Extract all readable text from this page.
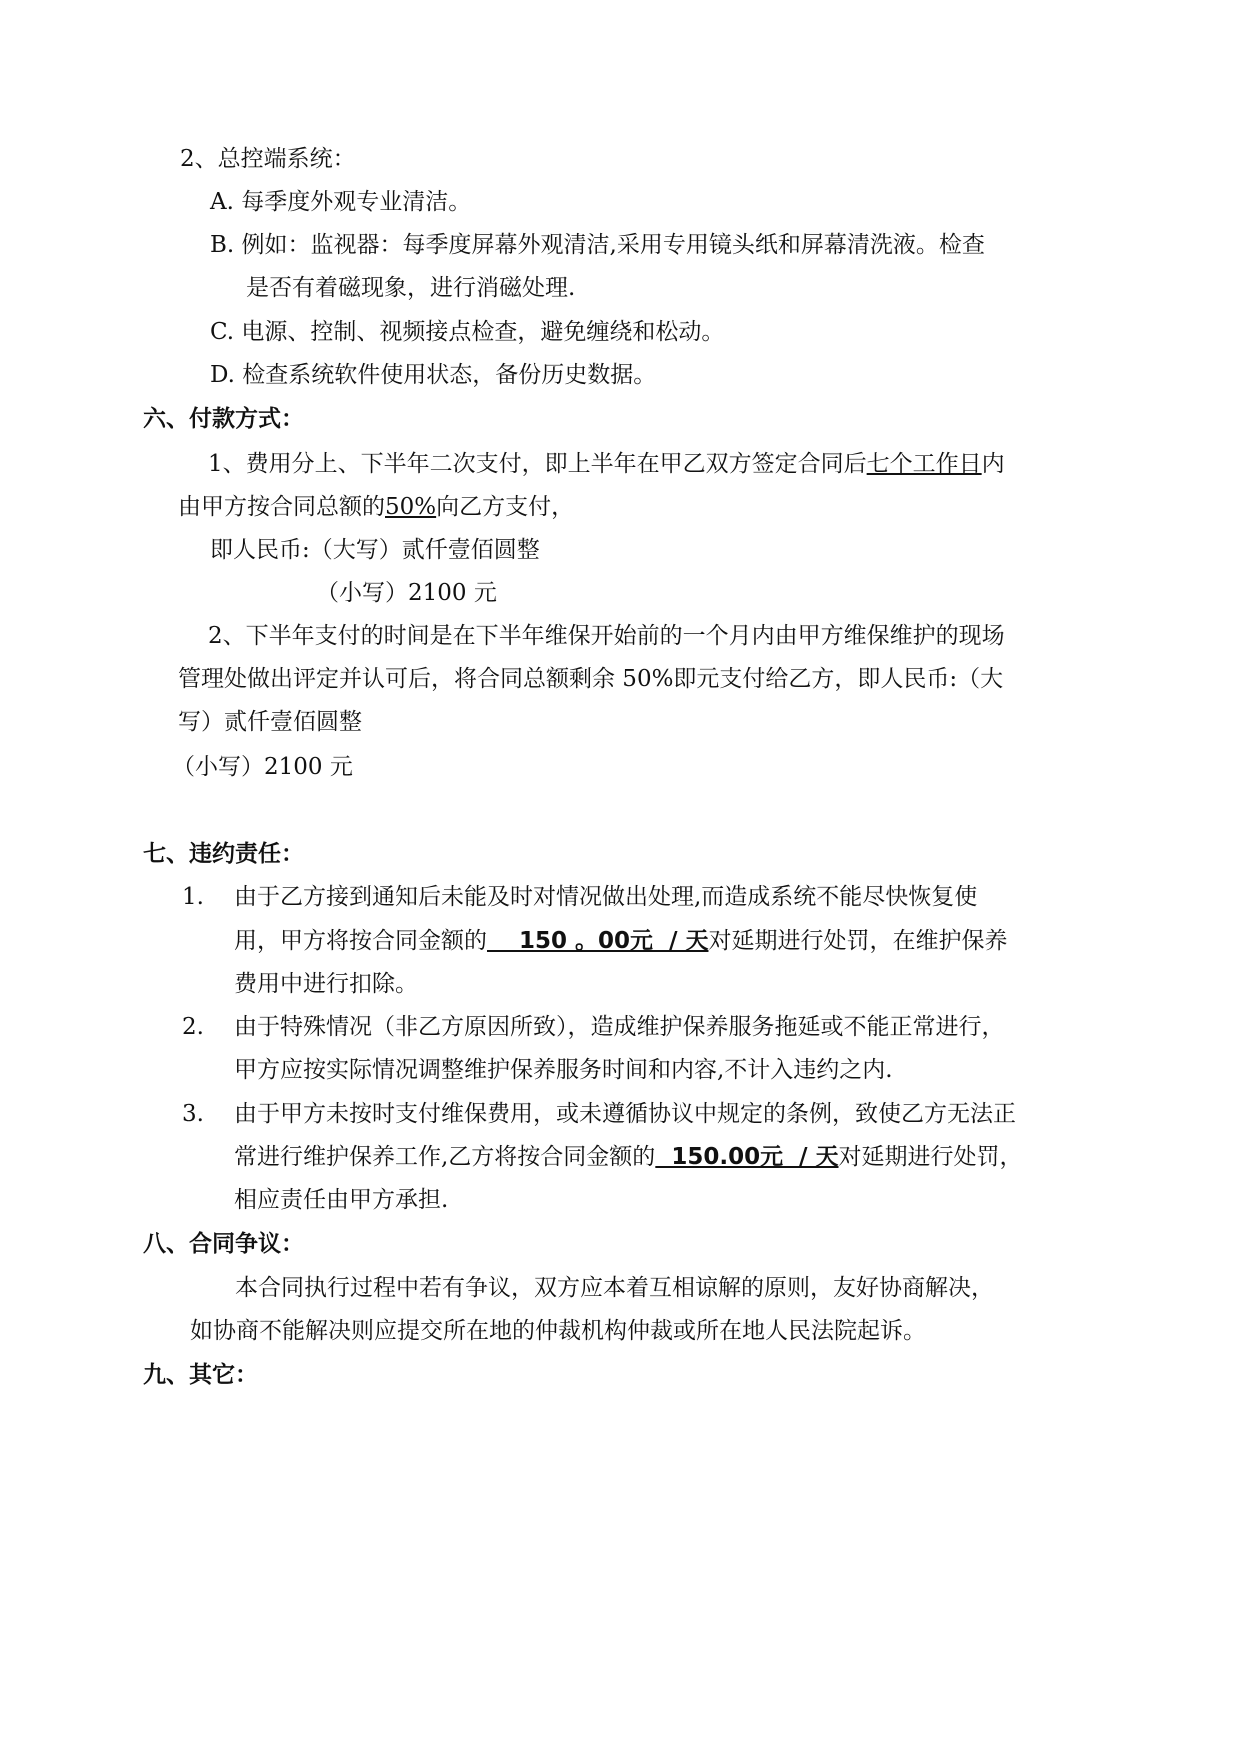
2、总控端系统：
A. 每季度外观专业清洁。
B. 例如：监视器：每季度屏幕外观清洁,采用专用镜头纸和屏幕清洗液。检查
是否有着磁现象，进行消磁处理.
C. 电源、控制、视频接点检查，避免缠绕和松动。
D. 检查系统软件使用状态，备份历史数据。
六、付款方式：
1、费用分上、下半年二次支付，即上半年在甲乙双方签定合同后七个工作日内
由甲方按合同总额的50%向乙方支付，
即人民币:（大写）贰仟壹佰圆整
（小写）2100 元
2、下半年支付的时间是在下半年维保开始前的一个月内由甲方维保维护的现场
管理处做出评定并认可后，将合同总额剩余 50%即元支付给乙方，即人民币:（大
写）贰仟壹佰圆整
（小写）2100 元
七、违约责任：
1. 由于乙方接到通知后未能及时对情况做出处理,而造成系统不能尽快恢复使
用，甲方将按合同金额的    150 。00元  / 天对延期进行处罚，在维护保养
费用中进行扣除。
2. 由于特殊情况（非乙方原因所致），造成维护保养服务拖延或不能正常进行，
甲方应按实际情况调整维护保养服务时间和内容,不计入违约之内.
3. 由于甲方未按时支付维保费用，或未遵循协议中规定的条例，致使乙方无法正
常进行维护保养工作,乙方将按合同金额的  150.00元  / 天对延期进行处罚，
相应责任由甲方承担.
八、合同争议：
本合同执行过程中若有争议，双方应本着互相谅解的原则，友好协商解决，
如协商不能解决则应提交所在地的仲裁机构仲裁或所在地人民法院起诉。
九、其它：
